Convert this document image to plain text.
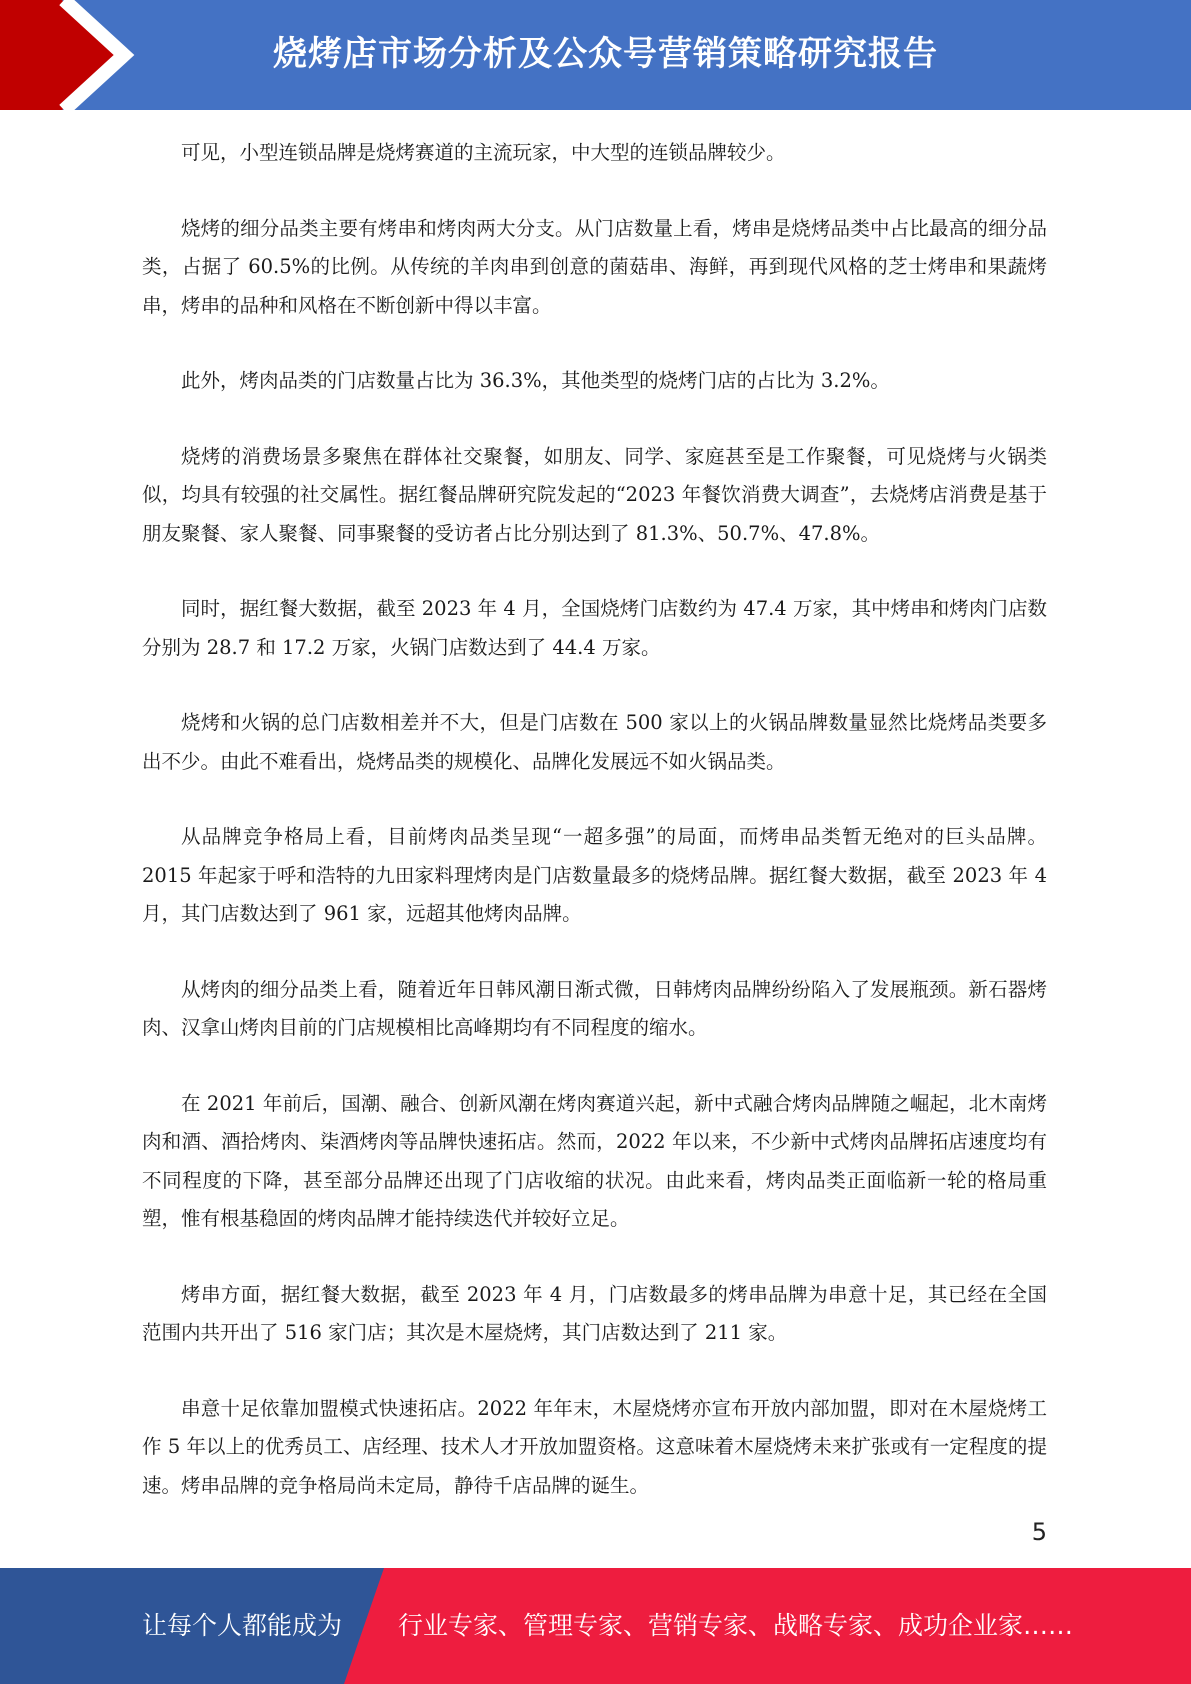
烧烤店市场分析及公众号营销策略研究报告

可见，小型连锁品牌是烧烤赛道的主流玩家，中大型的连锁品牌较少。

烧烤的细分品类主要有烤串和烤肉两大分支。从门店数量上看，烤串是烧烤品类中占比最高的细分品类，占据了 60.5%的比例。从传统的羊肉串到创意的菌菇串、海鲜，再到现代风格的芝士烤串和果蔬烤串，烤串的品种和风格在不断创新中得以丰富。

此外，烤肉品类的门店数量占比为 36.3%，其他类型的烧烤门店的占比为 3.2%。

烧烤的消费场景多聚焦在群体社交聚餐，如朋友、同学、家庭甚至是工作聚餐，可见烧烤与火锅类似，均具有较强的社交属性。据红餐品牌研究院发起的“2023 年餐饮消费大调查”，去烧烤店消费是基于朋友聚餐、家人聚餐、同事聚餐的受访者占比分别达到了 81.3%、50.7%、47.8%。

同时，据红餐大数据，截至 2023 年 4 月，全国烧烤门店数约为 47.4 万家，其中烤串和烤肉门店数分别为 28.7 和 17.2 万家，火锅门店数达到了 44.4 万家。

烧烤和火锅的总门店数相差并不大，但是门店数在 500 家以上的火锅品牌数量显然比烧烤品类要多出不少。由此不难看出，烧烤品类的规模化、品牌化发展远不如火锅品类。

从品牌竞争格局上看，目前烤肉品类呈现“一超多强”的局面，而烤串品类暂无绝对的巨头品牌。2015 年起家于呼和浩特的九田家料理烤肉是门店数量最多的烧烤品牌。据红餐大数据，截至 2023 年 4 月，其门店数达到了 961 家，远超其他烤肉品牌。

从烤肉的细分品类上看，随着近年日韩风潮日渐式微，日韩烤肉品牌纷纷陷入了发展瓶颈。新石器烤肉、汉拿山烤肉目前的门店规模相比高峰期均有不同程度的缩水。

在 2021 年前后，国潮、融合、创新风潮在烤肉赛道兴起，新中式融合烤肉品牌随之崛起，北木南烤肉和酒、酒拾烤肉、柒酒烤肉等品牌快速拓店。然而，2022 年以来，不少新中式烤肉品牌拓店速度均有不同程度的下降，甚至部分品牌还出现了门店收缩的状况。由此来看，烤肉品类正面临新一轮的格局重塑，惟有根基稳固的烤肉品牌才能持续迭代并较好立足。

烤串方面，据红餐大数据，截至 2023 年 4 月，门店数最多的烤串品牌为串意十足，其已经在全国范围内共开出了 516 家门店；其次是木屋烧烤，其门店数达到了 211 家。

串意十足依靠加盟模式快速拓店。2022 年年末，木屋烧烤亦宣布开放内部加盟，即对在木屋烧烤工作 5 年以上的优秀员工、店经理、技术人才开放加盟资格。这意味着木屋烧烤未来扩张或有一定程度的提速。烤串品牌的竞争格局尚未定局，静待千店品牌的诞生。

5
让每个人都能成为 行业专家、管理专家、营销专家、战略专家、成功企业家……
